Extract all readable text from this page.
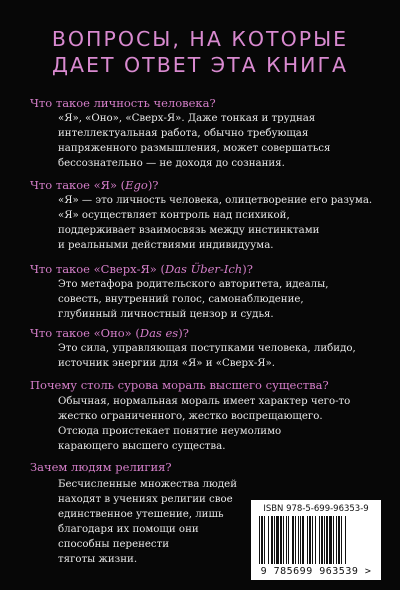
ВОПРОСЫ, НА КОТОРЫЕ
ДАЕТ ОТВЕТ ЭТА КНИГА
Что такое личность человека?

«Я», «Оно», «Сверх-Я». Даже тонкая и трудная
интеллектуальная работа, обычно требующая
напряженного размышления, может совершаться
бессознательно — не доходя до сознания.

Что такое «Я» (Ego)?

«Я» — это личность человека, олицетворение его разума.
«Я» осуществляет контроль над психикой,
поддерживает взаимосвязь между инстинктами
и реальными действиями индивидуума.

Что такое «Сверх-Я» (Das Über-Ich)?

Это метафора родительского авторитета, идеалы,
совесть, внутренний голос, самонаблюдение,
глубинный личностный цензор и судья.

Что такое «Оно» (Das es)?

Это сила, управляющая поступками человека, либидо,
источник энергии для «Я» и «Сверх-Я».

Почему столь сурова мораль высшего существа?

Обычная, нормальная мораль имеет характер чего-то
жестко ограниченного, жестко воспрещающего.
Отсюда проистекает понятие неумолимо
карающего высшего существа.

Зачем людям религия?

Бесчисленные множества людей
находят в учениях религии свое
единственное утешение, лишь
благодаря их помощи они
способны перенести
тяготы жизни.

ISBN 978-5-699-96353-9
9 785699 963539 >
